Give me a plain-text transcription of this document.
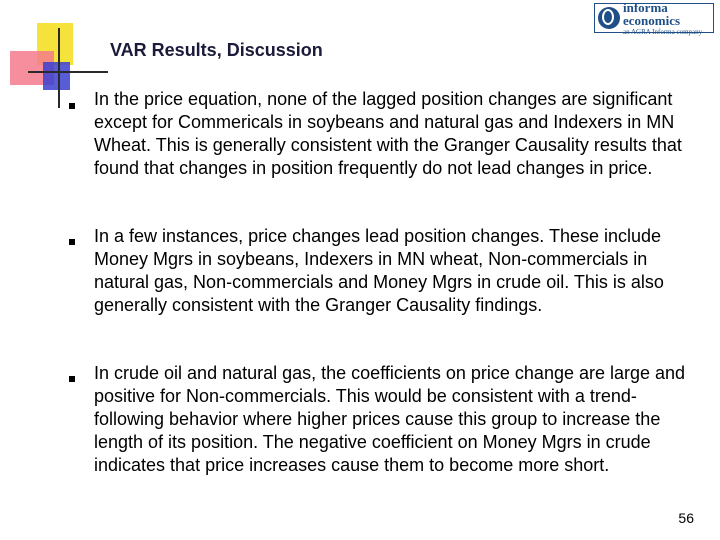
VAR Results, Discussion
informa economics
an AGRA Informa company
In the price equation, none of the lagged position changes are significant except for Commericals in soybeans and natural gas and Indexers in MN Wheat. This is generally consistent with the Granger Causality results that found that changes in position frequently do not lead changes in price.
In a few instances, price changes lead position changes. These include Money Mgrs in soybeans, Indexers in MN wheat, Non-commercials in natural gas, Non-commercials and Money Mgrs in crude oil. This is also generally consistent with the Granger Causality findings.
In crude oil and natural gas, the coefficients on price change are large and positive for Non-commercials. This would be consistent with a trend-following behavior where higher prices cause this group to increase the length of its position. The negative coefficient on Money Mgrs in crude indicates that price increases cause them to become more short.
56
